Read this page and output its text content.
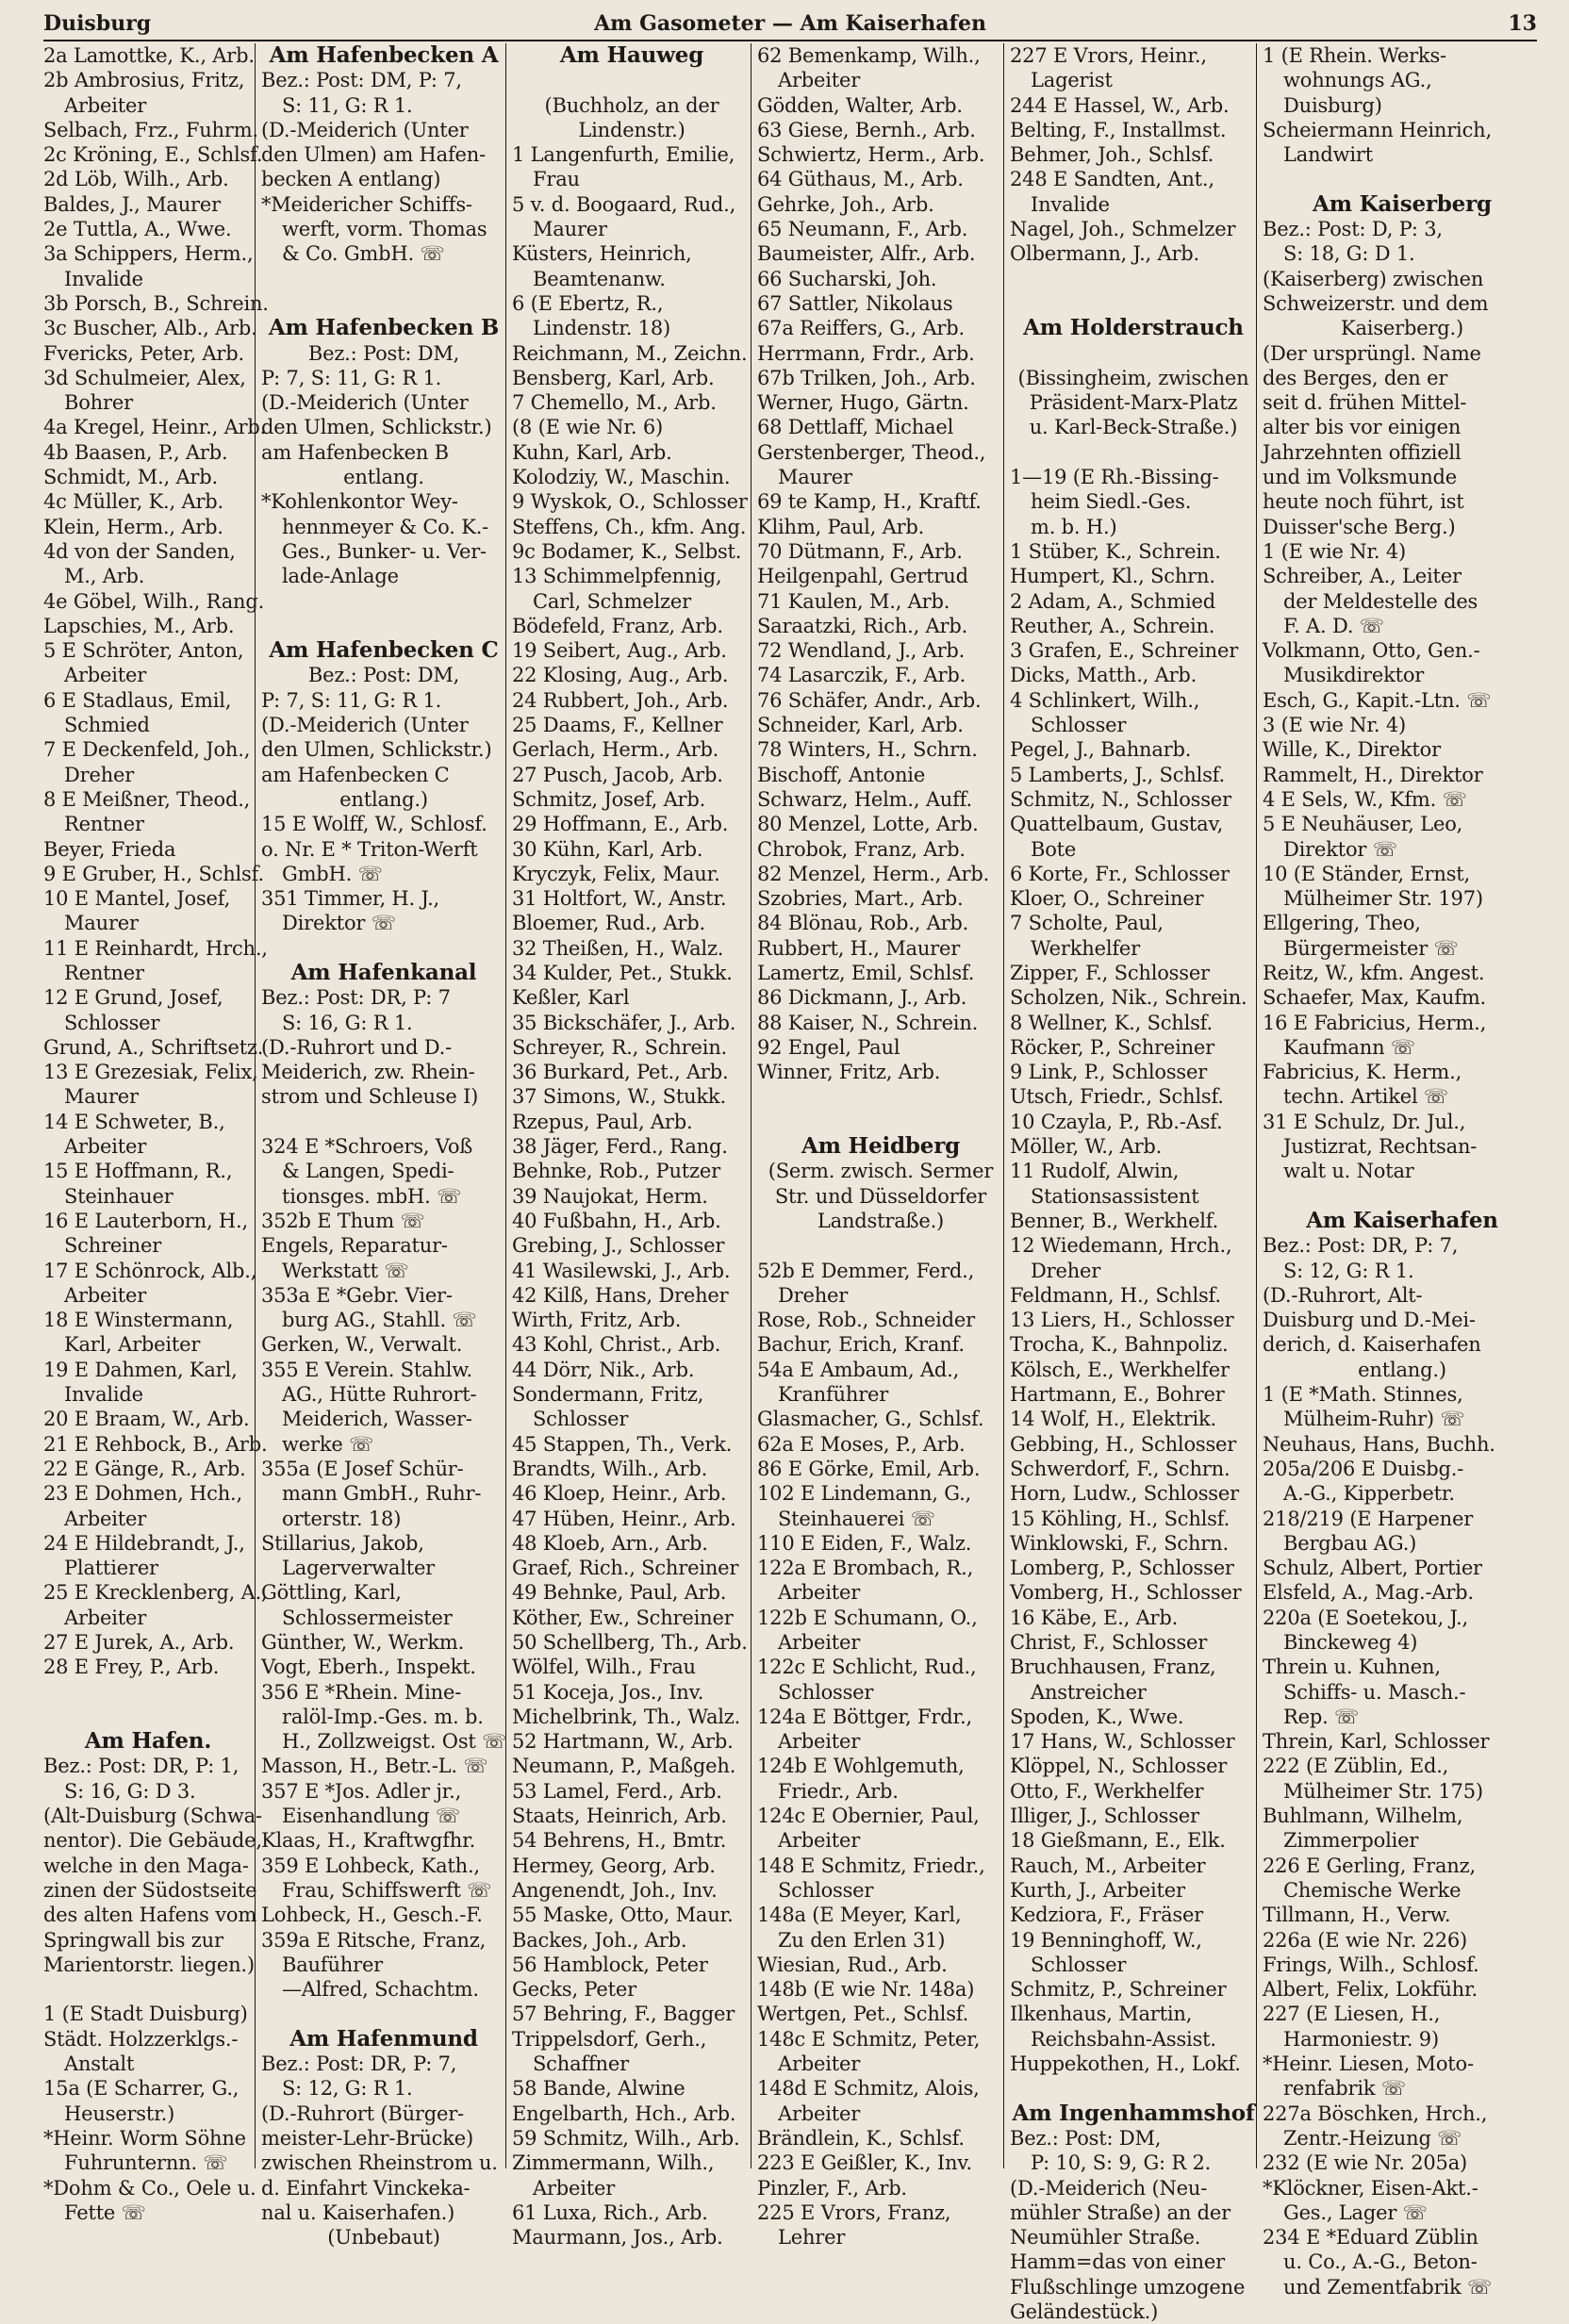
Duisburg	Am Gasometer — Am Kaiserhafen	13
2a Lamottke, K., Arb.
2b Ambrosius, Fritz,
Arbeiter
Selbach, Frz., Fuhrm.
2c Kröning, E., Schlsf.
2d Löb, Wilh., Arb.
Baldes, J., Maurer
2e Tuttla, A., Wwe.
3a Schippers, Herm.,
Invalide
3b Porsch, B., Schrein.
3c Buscher, Alb., Arb.
Fvericks, Peter, Arb.
3d Schulmeier, Alex,
Bohrer
4a Kregel, Heinr., Arb.
4b Baasen, P., Arb.
Schmidt, M., Arb.
4c Müller, K., Arb.
Klein, Herm., Arb.
4d von der Sanden,
M., Arb.
4e Göbel, Wilh., Rang.
Lapschies, M., Arb.
5 E Schröter, Anton,
Arbeiter
6 E Stadlaus, Emil,
Schmied
7 E Deckenfeld, Joh.,
Dreher
8 E Meißner, Theod.,
Rentner
Beyer, Frieda
9 E Gruber, H., Schlsf.
10 E Mantel, Josef,
Maurer
11 E Reinhardt, Hrch.,
Rentner
12 E Grund, Josef,
Schlosser
Grund, A., Schriftsetz.
13 E Grezesiak, Felix,
Maurer
14 E Schweter, B.,
Arbeiter
15 E Hoffmann, R.,
Steinhauer
16 E Lauterborn, H.,
Schreiner
17 E Schönrock, Alb.,
Arbeiter
18 E Winstermann,
Karl, Arbeiter
19 E Dahmen, Karl,
Invalide
20 E Braam, W., Arb.
21 E Rehbock, B., Arb.
22 E Gänge, R., Arb.
23 E Dohmen, Hch.,
Arbeiter
24 E Hildebrandt, J.,
Plattierer
25 E Krecklenberg, A.,
Arbeiter
27 E Jurek, A., Arb.
28 E Frey, P., Arb.
Am Hafen.
Bez.: Post: DR, P: 1,
S: 16, G: D 3.
(Alt-Duisburg (Schwa-
nentor). Die Gebäude,
welche in den Maga-
zinen der Südostseite
des alten Hafens vom
Springwall bis zur
Marientorstr. liegen.)
1 (E Stadt Duisburg)
Städt. Holzzerklgs.-
Anstalt
15a (E Scharrer, G.,
Heuserstr.)
*Heinr. Worm Söhne
Fuhrunternn. ☏
*Dohm & Co., Oele u.
Fette ☏
Am Hafenbecken A
Bez.: Post: DM, P: 7,
S: 11, G: R 1.
(D.-Meiderich (Unter
den Ulmen) am Hafen-
becken A entlang)
*Meidericher Schiffs-
werft, vorm. Thomas
& Co. GmbH. ☏
Am Hafenbecken B
Bez.: Post: DM,
P: 7, S: 11, G: R 1.
(D.-Meiderich (Unter
den Ulmen, Schlickstr.)
am Hafenbecken B
entlang.
*Kohlenkontor Wey-
hennmeyer & Co. K.-
Ges., Bunker- u. Ver-
lade-Anlage
Am Hafenbecken C
Bez.: Post: DM,
P: 7, S: 11, G: R 1.
(D.-Meiderich (Unter
den Ulmen, Schlickstr.)
am Hafenbecken C
entlang.)
15 E Wolff, W., Schlosf.
o. Nr. E * Triton-Werft
GmbH. ☏
351 Timmer, H. J.,
Direktor ☏
Am Hafenkanal
Bez.: Post: DR, P: 7
S: 16, G: R 1.
(D.-Ruhrort und D.-
Meiderich, zw. Rhein-
strom und Schleuse I)
324 E *Schroers, Voß
& Langen, Spedi-
tionsges. mbH. ☏
352b E Thum ☏
Engels, Reparatur-
Werkstatt ☏
353a E *Gebr. Vier-
burg AG., Stahll. ☏
Gerken, W., Verwalt.
355 E Verein. Stahlw.
AG., Hütte Ruhrort-
Meiderich, Wasser-
werke ☏
355a (E Josef Schür-
mann GmbH., Ruhr-
orterstr. 18)
Stillarius, Jakob,
Lagerverwalter
Göttling, Karl,
Schlossermeister
Günther, W., Werkm.
Vogt, Eberh., Inspekt.
356 E *Rhein. Mine-
ralöl-Imp.-Ges. m. b.
H., Zollzweigst. Ost ☏
Masson, H., Betr.-L. ☏
357 E *Jos. Adler jr.,
Eisenhandlung ☏
Klaas, H., Kraftwgfhr.
359 E Lohbeck, Kath.,
Frau, Schiffswerft ☏
Lohbeck, H., Gesch.-F.
359a E Ritsche, Franz,
Bauführer
—Alfred, Schachtm.
Am Hafenmund
Bez.: Post: DR, P: 7,
S: 12, G: R 1.
(D.-Ruhrort (Bürger-
meister-Lehr-Brücke)
zwischen Rheinstrom u.
d. Einfahrt Vinckeka-
nal u. Kaiserhafen.)
(Unbebaut)
Am Hauweg
(Buchholz, an der
Lindenstr.)
1 Langenfurth, Emilie,
Frau
5 v. d. Boogaard, Rud.,
Maurer
Küsters, Heinrich,
Beamtenanw.
6 (E Ebertz, R.,
Lindenstr. 18)
Reichmann, M., Zeichn.
Bensberg, Karl, Arb.
7 Chemello, M., Arb.
(8 (E wie Nr. 6)
Kuhn, Karl, Arb.
Kolodziy, W., Maschin.
9 Wyskok, O., Schlosser
Steffens, Ch., kfm. Ang.
9c Bodamer, K., Selbst.
13 Schimmelpfennig,
Carl, Schmelzer
Bödefeld, Franz, Arb.
19 Seibert, Aug., Arb.
22 Klosing, Aug., Arb.
24 Rubbert, Joh., Arb.
25 Daams, F., Kellner
Gerlach, Herm., Arb.
27 Pusch, Jacob, Arb.
Schmitz, Josef, Arb.
29 Hoffmann, E., Arb.
30 Kühn, Karl, Arb.
Kryczyk, Felix, Maur.
31 Holtfort, W., Anstr.
Bloemer, Rud., Arb.
32 Theißen, H., Walz.
34 Kulder, Pet., Stukk.
Keßler, Karl
35 Bickschäfer, J., Arb.
Schreyer, R., Schrein.
36 Burkard, Pet., Arb.
37 Simons, W., Stukk.
Rzepus, Paul, Arb.
38 Jäger, Ferd., Rang.
Behnke, Rob., Putzer
39 Naujokat, Herm.
40 Fußbahn, H., Arb.
Grebing, J., Schlosser
41 Wasilewski, J., Arb.
42 Kilß, Hans, Dreher
Wirth, Fritz, Arb.
43 Kohl, Christ., Arb.
44 Dörr, Nik., Arb.
Sondermann, Fritz,
Schlosser
45 Stappen, Th., Verk.
Brandts, Wilh., Arb.
46 Kloep, Heinr., Arb.
47 Hüben, Heinr., Arb.
48 Kloeb, Arn., Arb.
Graef, Rich., Schreiner
49 Behnke, Paul, Arb.
Köther, Ew., Schreiner
50 Schellberg, Th., Arb.
Wölfel, Wilh., Frau
51 Koceja, Jos., Inv.
Michelbrink, Th., Walz.
52 Hartmann, W., Arb.
Neumann, P., Maßgeh.
53 Lamel, Ferd., Arb.
Staats, Heinrich, Arb.
54 Behrens, H., Bmtr.
Hermey, Georg, Arb.
Angenendt, Joh., Inv.
55 Maske, Otto, Maur.
Backes, Joh., Arb.
56 Hamblock, Peter
Gecks, Peter
57 Behring, F., Bagger
Trippelsdorf, Gerh.,
Schaffner
58 Bande, Alwine
Engelbarth, Hch., Arb.
59 Schmitz, Wilh., Arb.
Zimmermann, Wilh.,
Arbeiter
61 Luxa, Rich., Arb.
Maurmann, Jos., Arb.
62 Bemenkamp, Wilh.,
Arbeiter
Gödden, Walter, Arb.
63 Giese, Bernh., Arb.
Schwiertz, Herm., Arb.
64 Güthaus, M., Arb.
Gehrke, Joh., Arb.
65 Neumann, F., Arb.
Baumeister, Alfr., Arb.
66 Sucharski, Joh.
67 Sattler, Nikolaus
67a Reiffers, G., Arb.
Herrmann, Frdr., Arb.
67b Trilken, Joh., Arb.
Werner, Hugo, Gärtn.
68 Dettlaff, Michael
Gerstenberger, Theod.,
Maurer
69 te Kamp, H., Kraftf.
Klihm, Paul, Arb.
70 Dütmann, F., Arb.
Heilgenpahl, Gertrud
71 Kaulen, M., Arb.
Saraatzki, Rich., Arb.
72 Wendland, J., Arb.
74 Lasarczik, F., Arb.
76 Schäfer, Andr., Arb.
Schneider, Karl, Arb.
78 Winters, H., Schrn.
Bischoff, Antonie
Schwarz, Helm., Auff.
80 Menzel, Lotte, Arb.
Chrobok, Franz, Arb.
82 Menzel, Herm., Arb.
Szobries, Mart., Arb.
84 Blönau, Rob., Arb.
Rubbert, H., Maurer
Lamertz, Emil, Schlsf.
86 Dickmann, J., Arb.
88 Kaiser, N., Schrein.
92 Engel, Paul
Winner, Fritz, Arb.
Am Heidberg
(Serm. zwisch. Sermer
Str. und Düsseldorfer
Landstraße.)
52b E Demmer, Ferd.,
Dreher
Rose, Rob., Schneider
Bachur, Erich, Kranf.
54a E Ambaum, Ad.,
Kranführer
Glasmacher, G., Schlsf.
62a E Moses, P., Arb.
86 E Görke, Emil, Arb.
102 E Lindemann, G.,
Steinhauerei ☏
110 E Eiden, F., Walz.
122a E Brombach, R.,
Arbeiter
122b E Schumann, O.,
Arbeiter
122c E Schlicht, Rud.,
Schlosser
124a E Böttger, Frdr.,
Arbeiter
124b E Wohlgemuth,
Friedr., Arb.
124c E Obernier, Paul,
Arbeiter
148 E Schmitz, Friedr.,
Schlosser
148a (E Meyer, Karl,
Zu den Erlen 31)
Wiesian, Rud., Arb.
148b (E wie Nr. 148a)
Wertgen, Pet., Schlsf.
148c E Schmitz, Peter,
Arbeiter
148d E Schmitz, Alois,
Arbeiter
Brändlein, K., Schlsf.
223 E Geißler, K., Inv.
Pinzler, F., Arb.
225 E Vrors, Franz,
Lehrer
227 E Vrors, Heinr.,
Lagerist
244 E Hassel, W., Arb.
Belting, F., Installmst.
Behmer, Joh., Schlsf.
248 E Sandten, Ant.,
Invalide
Nagel, Joh., Schmelzer
Olbermann, J., Arb.
Am Holderstrauch
(Bissingheim, zwischen
Präsident-Marx-Platz
u. Karl-Beck-Straße.)
1—19 (E Rh.-Bissing-
heim Siedl.-Ges.
m. b. H.)
1 Stüber, K., Schrein.
Humpert, Kl., Schrn.
2 Adam, A., Schmied
Reuther, A., Schrein.
3 Grafen, E., Schreiner
Dicks, Matth., Arb.
4 Schlinkert, Wilh.,
Schlosser
Pegel, J., Bahnarb.
5 Lamberts, J., Schlsf.
Schmitz, N., Schlosser
Quattelbaum, Gustav,
Bote
6 Korte, Fr., Schlosser
Kloer, O., Schreiner
7 Scholte, Paul,
Werkhelfer
Zipper, F., Schlosser
Scholzen, Nik., Schrein.
8 Wellner, K., Schlsf.
Röcker, P., Schreiner
9 Link, P., Schlosser
Utsch, Friedr., Schlsf.
10 Czayla, P., Rb.-Asf.
Möller, W., Arb.
11 Rudolf, Alwin,
Stationsassistent
Benner, B., Werkhelf.
12 Wiedemann, Hrch.,
Dreher
Feldmann, H., Schlsf.
13 Liers, H., Schlosser
Trocha, K., Bahnpoliz.
Kölsch, E., Werkhelfer
Hartmann, E., Bohrer
14 Wolf, H., Elektrik.
Gebbing, H., Schlosser
Schwerdorf, F., Schrn.
Horn, Ludw., Schlosser
15 Köhling, H., Schlsf.
Winklowski, F., Schrn.
Lomberg, P., Schlosser
Vomberg, H., Schlosser
16 Käbe, E., Arb.
Christ, F., Schlosser
Bruchhausen, Franz,
Anstreicher
Spoden, K., Wwe.
17 Hans, W., Schlosser
Klöppel, N., Schlosser
Otto, F., Werkhelfer
Illiger, J., Schlosser
18 Gießmann, E., Elk.
Rauch, M., Arbeiter
Kurth, J., Arbeiter
Kedziora, F., Fräser
19 Benninghoff, W.,
Schlosser
Schmitz, P., Schreiner
Ilkenhaus, Martin,
Reichsbahn-Assist.
Huppekothen, H., Lokf.
Am Ingenhammshof
Bez.: Post: DM,
P: 10, S: 9, G: R 2.
(D.-Meiderich (Neu-
mühler Straße) an der
Neumühler Straße.
Hamm=das von einer
Flußschlinge umzogene
Geländestück.)
1 (E Rhein. Werks-
wohnungs AG.,
Duisburg)
Scheiermann Heinrich,
Landwirt
Am Kaiserberg
Bez.: Post: D, P: 3,
S: 18, G: D 1.
(Kaiserberg) zwischen
Schweizerstr. und dem
Kaiserberg.)
(Der ursprüngl. Name
des Berges, den er
seit d. frühen Mittel-
alter bis vor einigen
Jahrzehnten offiziell
und im Volksmunde
heute noch führt, ist
Duisser'sche Berg.)
1 (E wie Nr. 4)
Schreiber, A., Leiter
der Meldestelle des
F. A. D. ☏
Volkmann, Otto, Gen.-
Musikdirektor
Esch, G., Kapit.-Ltn. ☏
3 (E wie Nr. 4)
Wille, K., Direktor
Rammelt, H., Direktor
4 E Sels, W., Kfm. ☏
5 E Neuhäuser, Leo,
Direktor ☏
10 (E Ständer, Ernst,
Mülheimer Str. 197)
Ellgering, Theo,
Bürgermeister ☏
Reitz, W., kfm. Angest.
Schaefer, Max, Kaufm.
16 E Fabricius, Herm.,
Kaufmann ☏
Fabricius, K. Herm.,
techn. Artikel ☏
31 E Schulz, Dr. Jul.,
Justizrat, Rechtsan-
walt u. Notar
Am Kaiserhafen
Bez.: Post: DR, P: 7,
S: 12, G: R 1.
(D.-Ruhrort, Alt-
Duisburg und D.-Mei-
derich, d. Kaiserhafen
entlang.)
1 (E *Math. Stinnes,
Mülheim-Ruhr) ☏
Neuhaus, Hans, Buchh.
205a/206 E Duisbg.-
A.-G., Kipperbetr.
218/219 (E Harpener
Bergbau AG.)
Schulz, Albert, Portier
Elsfeld, A., Mag.-Arb.
220a (E Soetekou, J.,
Binckeweg 4)
Threin u. Kuhnen,
Schiffs- u. Masch.-
Rep. ☏
Threin, Karl, Schlosser
222 (E Züblin, Ed.,
Mülheimer Str. 175)
Buhlmann, Wilhelm,
Zimmerpolier
226 E Gerling, Franz,
Chemische Werke
Tillmann, H., Verw.
226a (E wie Nr. 226)
Frings, Wilh., Schlosf.
Albert, Felix, Lokführ.
227 (E Liesen, H.,
Harmoniestr. 9)
*Heinr. Liesen, Moto-
renfabrik ☏
227a Böschken, Hrch.,
Zentr.-Heizung ☏
232 (E wie Nr. 205a)
*Klöckner, Eisen-Akt.-
Ges., Lager ☏
234 E *Eduard Züblin
u. Co., A.-G., Beton-
und Zementfabrik ☏
